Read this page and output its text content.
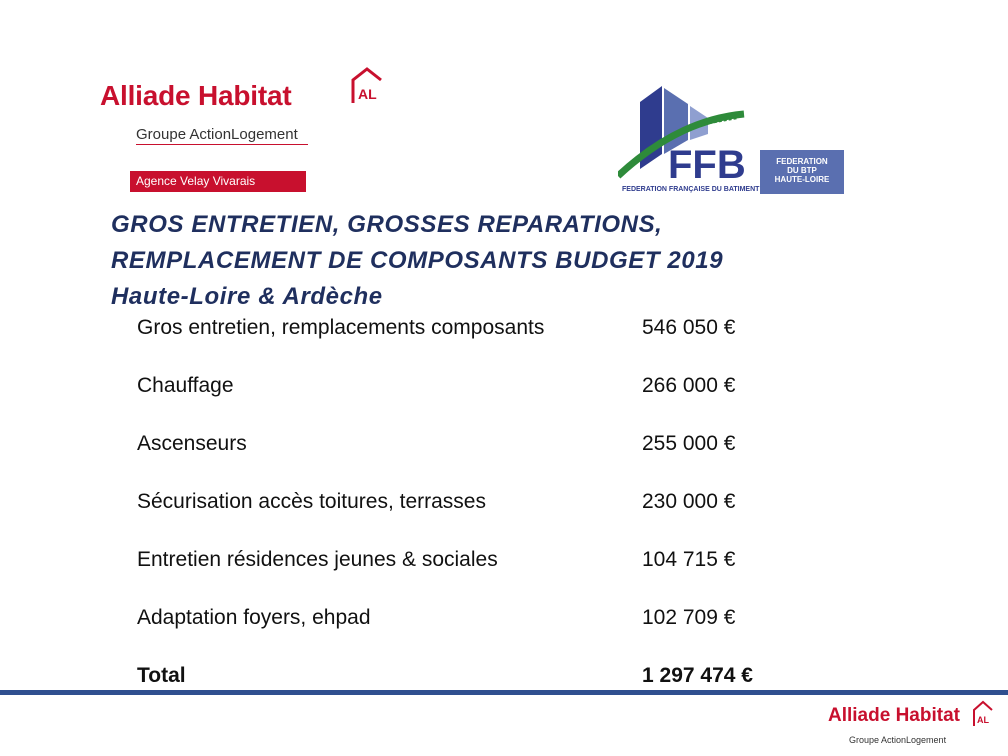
Alliade Habitat	AL
Groupe ActionLogement
Agence Velay Vivarais	FFB
FEDERATION FRANÇAISE DU BATIMENT
FEDERATION
DU BTP
HAUTE-LOIRE
GROS ENTRETIEN, GROSSES REPARATIONS,
REMPLACEMENT DE COMPOSANTS BUDGET 2019
Haute-Loire & Ardèche
Gros entretien, remplacements composants	546 050 €
Chauffage	266 000 €
Ascenseurs	255 000 €
Sécurisation accès toitures, terrasses	230 000 €
Entretien résidences jeunes & sociales	104 715 €
Adaptation foyers, ehpad	102 709 €
Total	1 297 474 €
Alliade Habitat AL
Groupe ActionLogement
